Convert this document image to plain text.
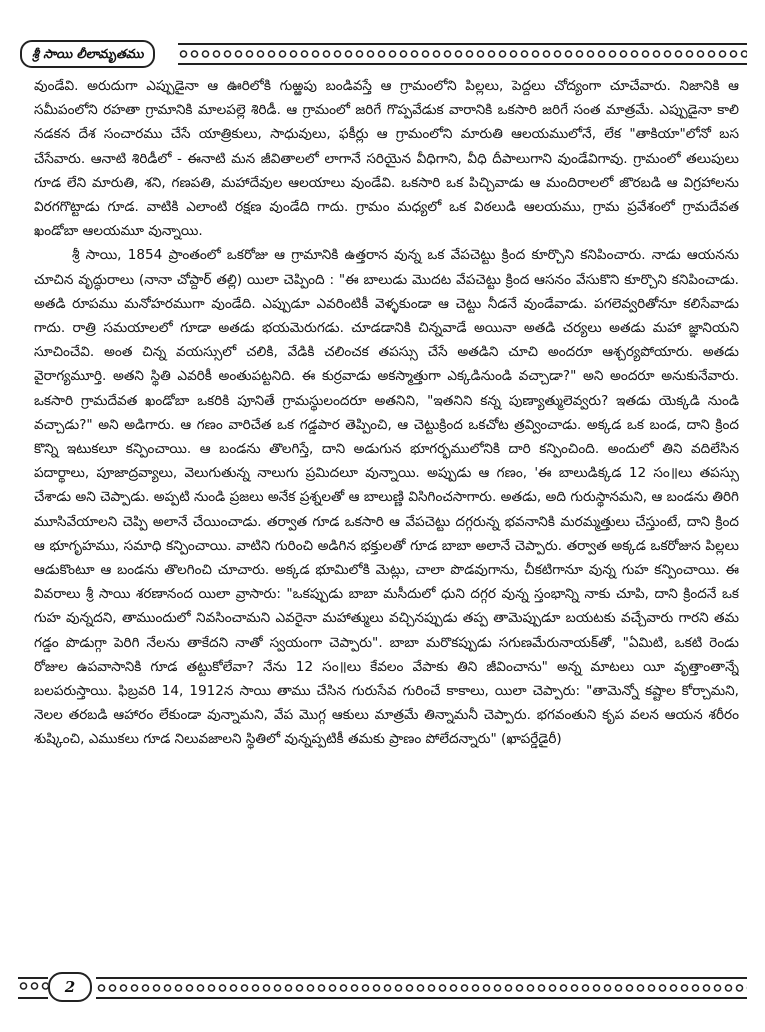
శ్రీ సాయి లీలామృతము

వుండేవి. అరుదుగా ఎప్పుడైనా ఆ ఊరిలోకి గుఱ్ఱపు బండివస్తే ఆ గ్రామంలోని పిల్లలు, పెద్దలు చోద్యంగా చూచేవారు. నిజానికి ఆ సమీపంలోని రహతా గ్రామానికి మాలపల్లె శిరిడీ. ఆ గ్రామంలో జరిగే గొప్పవేడుక వారానికి ఒకసారి జరిగే సంత మాత్రమే. ఎప్పుడైనా కాలి నడకన దేశ సంచారము చేసే యాత్రికులు, సాధువులు, ఫకీర్లు ఆ గ్రామంలోని మారుతి ఆలయములోనే, లేక "తాకియా"లోనో బస చేసేవారు. ఆనాటి శిరిడీలో - ఈనాటి మన జీవితాలలో లాగానే సరియైన వీధిగాని, వీధి దీపాలుగాని వుండేవిగావు. గ్రామంలో తలుపులు గూడ లేని మారుతి, శని, గణపతి, మహాదేవుల ఆలయాలు వుండేవి. ఒకసారి ఒక పిచ్చివాడు ఆ మందిరాలలో జొరబడి ఆ విగ్రహాలను విరగగొట్టాడు గూడ. వాటికి ఎలాంటి రక్షణ వుండేది గాదు. గ్రామం మధ్యలో ఒక విఠలుడి ఆలయము, గ్రామ ప్రవేశంలో గ్రామదేవత ఖండోబా ఆలయమూ వున్నాయి.

శ్రీ సాయి, 1854 ప్రాంతంలో ఒకరోజు ఆ గ్రామానికి ఉత్తరాన వున్న ఒక వేపచెట్టు క్రింద కూర్చొని కనిపించారు. నాడు ఆయనను చూచిన వృద్ధురాలు (నానా చోప్దార్ తల్లి) యిలా చెప్పింది : "ఈ బాలుడు మొదట వేపచెట్టు క్రింద ఆసనం వేసుకొని కూర్చొని కనిపించాడు. అతడి రూపము మనోహరముగా వుండేది. ఎప్పుడూ ఎవరింటికీ వెళ్ళకుండా ఆ చెట్టు నీడనే వుండేవాడు. పగలెవ్వరితోనూ కలిసేవాడు గాదు. రాత్రి సమయాలలో గూడా అతడు భయమెరుగడు. చూడడానికి చిన్నవాడే అయినా అతడి చర్యలు అతడు మహా జ్ఞానియని సూచించేవి. అంత చిన్న వయస్సులో చలికి, వేడికి చలించక తపస్సు చేసే అతడిని చూచి అందరూ ఆశ్చర్యపోయారు. అతడు వైరాగ్యమూర్తి. అతని స్థితి ఎవరికీ అంతుపట్టనిది. ఈ కుర్రవాడు అకస్మాత్తుగా ఎక్కడినుండి వచ్చాడా?" అని అందరూ అనుకునేవారు. ఒకసారి గ్రామదేవత ఖండోబా ఒకరికి పూనితే గ్రామస్థులందరూ అతనిని, "ఇతనిని కన్న పుణ్యాత్ములెవ్వరు? ఇతడు యెక్కడి నుండి వచ్చాడు?" అని అడిగారు. ఆ గణం వారిచేత ఒక గడ్డపార తెప్పించి, ఆ చెట్టుక్రింద ఒకచోట త్రవ్వించాడు. అక్కడ ఒక బండ, దాని క్రింద కొన్ని ఇటుకలూ కన్పించాయి. ఆ బండను తొలగిస్తే, దాని అడుగున భూగర్భములోనికి దారి కన్పించింది. అందులో తిని వదిలేసిన పదార్థాలు, పూజాద్రవ్యాలు, వెలుగుతున్న నాలుగు ప్రమిదలూ వున్నాయి. అప్పుడు ఆ గణం, 'ఈ బాలుడిక్కడ 12 సం॥లు తపస్సు చేశాడు అని చెప్పాడు. అప్పటి నుండి ప్రజలు అనేక ప్రశ్నలతో ఆ బాలుణ్ణి విసిగించసాగారు. అతడు, అది గురుస్థానమని, ఆ బండను తిరిగి మూసివేయాలని చెప్పి అలానే చేయించాడు. తర్వాత గూడ ఒకసారి ఆ వేపచెట్టు దగ్గరున్న భవనానికి మరమ్మత్తులు చేస్తుంటే, దాని క్రింద ఆ భూగృహము, సమాధి కన్పించాయి. వాటిని గురించి అడిగిన భక్తులతో గూడ బాబా అలానే చెప్పారు. తర్వాత అక్కడ ఒకరోజున పిల్లలు ఆడుకొంటూ ఆ బండను తొలగించి చూచారు. అక్కడ భూమిలోకి మెట్లు, చాలా పొడవుగాను, చీకటిగానూ వున్న గుహ కన్పించాయి. ఈ వివరాలు శ్రీ సాయి శరణానంద యిలా వ్రాసారు: "ఒకప్పుడు బాబా మసీదులో ధుని దగ్గర వున్న స్తంభాన్ని నాకు చూపి, దాని క్రిందనే ఒక గుహ వున్నదని, తాముందులో నివసించామని ఎవరైనా మహాత్ములు వచ్చినప్పుడు తప్ప తామెప్పుడూ బయటకు వచ్చేవారు గారని తమ గడ్డం పొడుగ్గా పెరిగి నేలను తాకేదని నాతో స్వయంగా చెప్పారు". బాబా మరొకప్పుడు సగుణమేరునాయక్‌తో, "ఏమిటి, ఒకటి రెండు రోజుల ఉపవాసానికి గూడ తట్టుకోలేవా? నేను 12 సం॥లు కేవలం వేపాకు తిని జీవించాను" అన్న మాటలు యీ వృత్తాంతాన్నే బలపరుస్తాయి. ఫిబ్రవరి 14, 1912న సాయి తాము చేసిన గురుసేవ గురించే కాకాలు, యిలా చెప్పారు: "తామెన్నో కష్టాల కోర్చామని, నెలల తరబడి ఆహారం లేకుండా వున్నామని, వేప మొగ్గ ఆకులు మాత్రమే తిన్నామనీ చెప్పారు. భగవంతుని కృప వలన ఆయన శరీరం శుష్కించి, ఎముకలు గూడ నిలువజాలని స్థితిలో వున్నప్పటికీ తమకు ప్రాణం పోలేదన్నారు" (ఖాపర్డేడైరీ)

2
